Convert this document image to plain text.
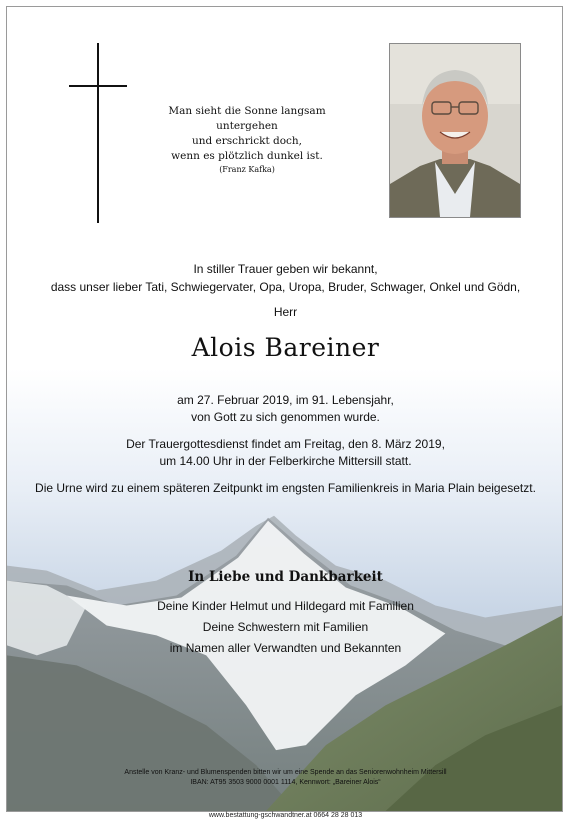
Man sieht die Sonne langsam untergehen
und erschrickt doch,
wenn es plötzlich dunkel ist.
(Franz Kafka)
In stiller Trauer geben wir bekannt,
dass unser lieber Tati, Schwiegervater, Opa, Uropa, Bruder, Schwager, Onkel und Gödn,
Herr
Alois Bareiner
am 27. Februar 2019, im 91. Lebensjahr,
von Gott zu sich genommen wurde.
Der Trauergottesdienst findet am Freitag, den 8. März 2019,
um 14.00 Uhr in der Felberkirche Mittersill statt.
Die Urne wird zu einem späteren Zeitpunkt im engsten Familienkreis in Maria Plain beigesetzt.
In Liebe und Dankbarkeit
Deine Kinder Helmut und Hildegard mit Familien
Deine Schwestern mit Familien
im Namen aller Verwandten und Bekannten
Anstelle von Kranz- und Blumenspenden bitten wir um eine Spende an das Seniorenwohnheim Mittersill
IBAN: AT95 3503 9000 0001 1114, Kennwort: „Bareiner Alois“
www.bestattung-gschwandtner.at 0664 28 28 013
